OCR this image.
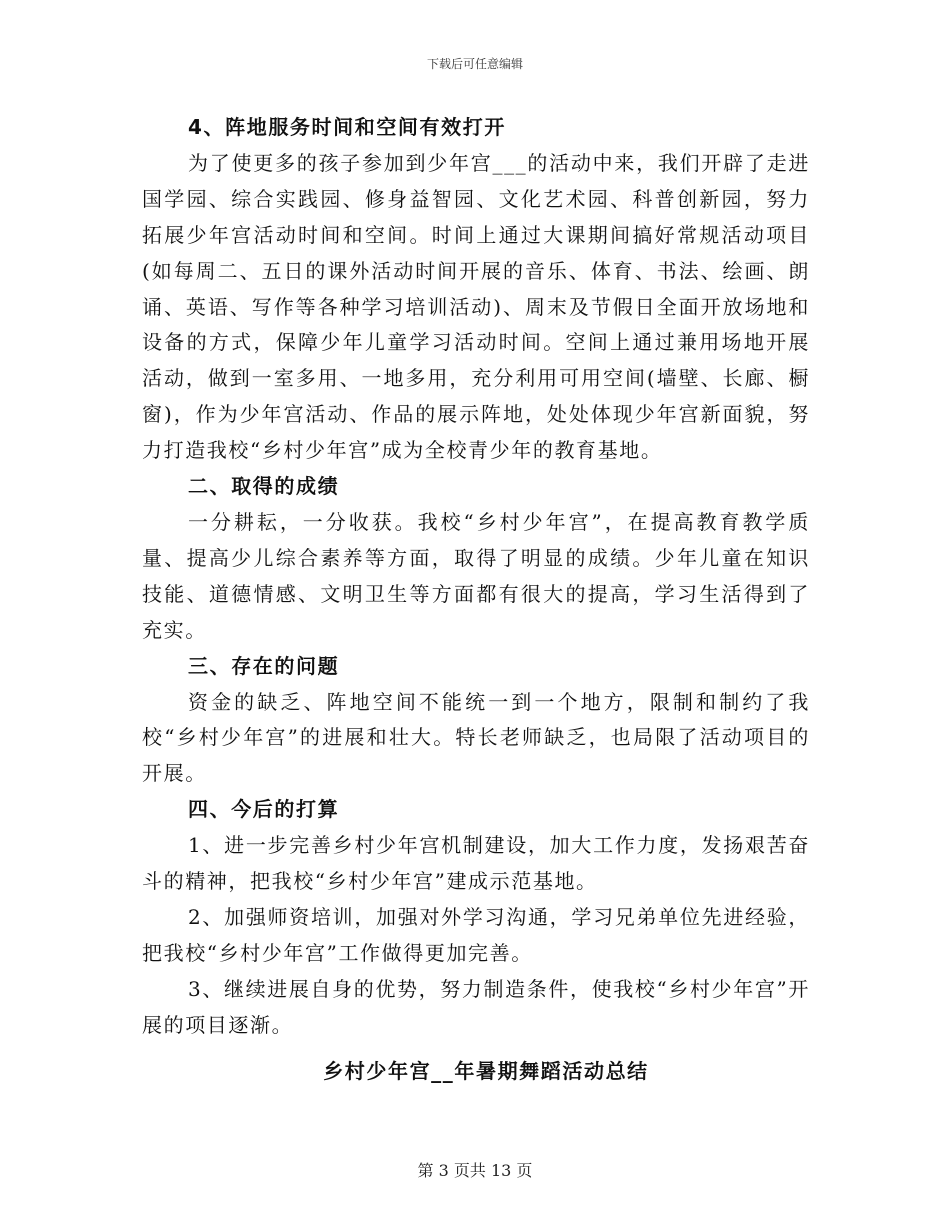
下载后可任意编辑

4、阵地服务时间和空间有效打开

为了使更多的孩子参加到少年宫___的活动中来，我们开辟了走进国学园、综合实践园、修身益智园、文化艺术园、科普创新园，努力拓展少年宫活动时间和空间。时间上通过大课期间搞好常规活动项目(如每周二、五日的课外活动时间开展的音乐、体育、书法、绘画、朗诵、英语、写作等各种学习培训活动)、周末及节假日全面开放场地和设备的方式，保障少年儿童学习活动时间。空间上通过兼用场地开展活动，做到一室多用、一地多用，充分利用可用空间(墙壁、长廊、橱窗)，作为少年宫活动、作品的展示阵地，处处体现少年宫新面貌，努力打造我校“乡村少年宫”成为全校青少年的教育基地。

二、取得的成绩

一分耕耘，一分收获。我校“乡村少年宫”，在提高教育教学质量、提高少儿综合素养等方面，取得了明显的成绩。少年儿童在知识技能、道德情感、文明卫生等方面都有很大的提高，学习生活得到了充实。

三、存在的问题

资金的缺乏、阵地空间不能统一到一个地方，限制和制约了我校“乡村少年宫”的进展和壮大。特长老师缺乏，也局限了活动项目的开展。

四、今后的打算

1、进一步完善乡村少年宫机制建设，加大工作力度，发扬艰苦奋斗的精神，把我校“乡村少年宫”建成示范基地。

2、加强师资培训，加强对外学习沟通，学习兄弟单位先进经验，把我校“乡村少年宫”工作做得更加完善。

3、继续进展自身的优势，努力制造条件，使我校“乡村少年宫”开展的项目逐渐。

乡村少年宫__年暑期舞蹈活动总结

第 3 页共 13 页
